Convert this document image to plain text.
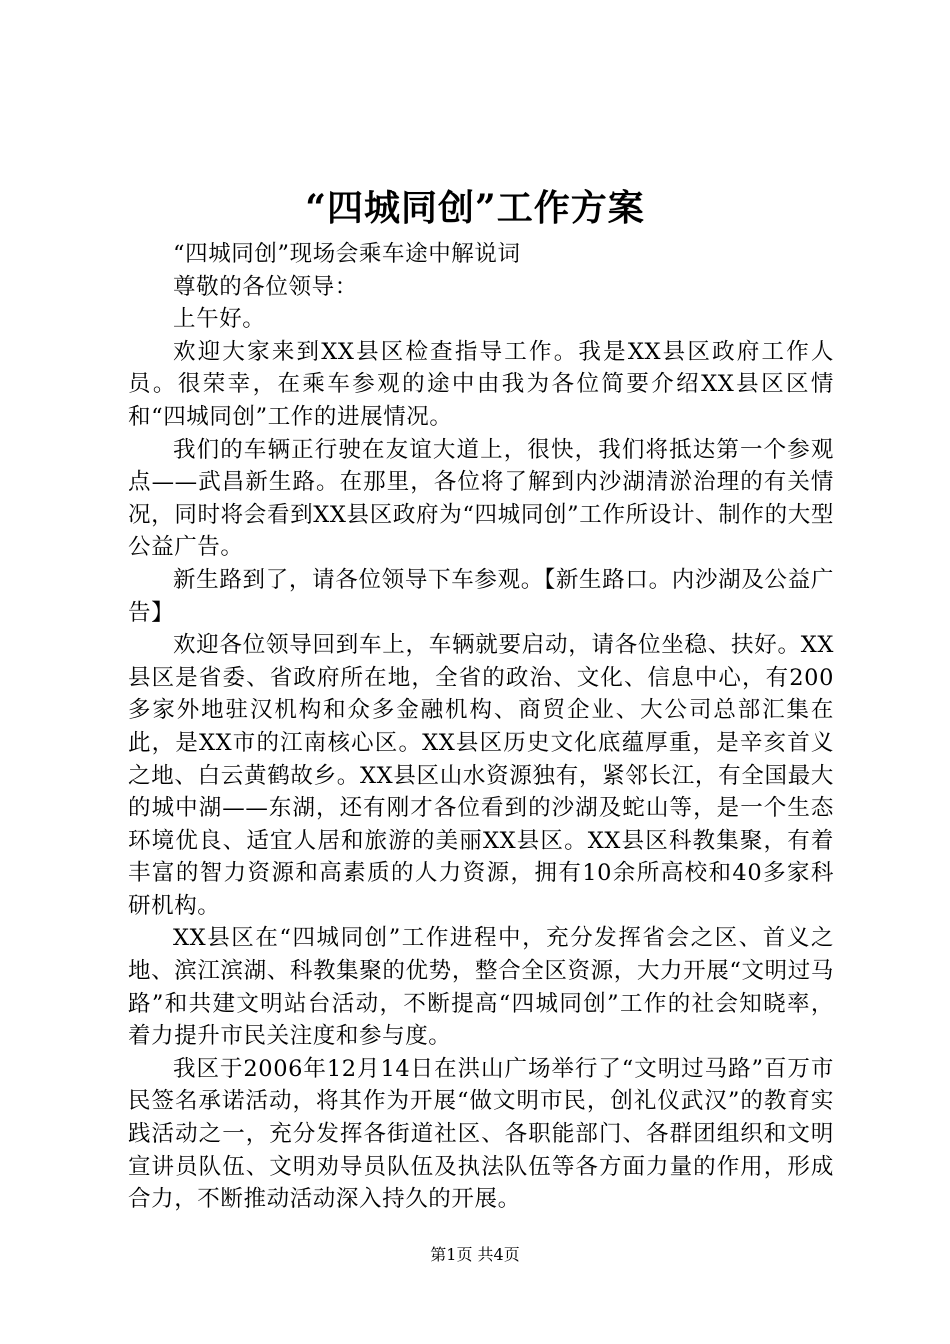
“四城同创”工作方案

“四城同创”现场会乘车途中解说词

尊敬的各位领导：

上午好。

欢迎大家来到XX县区检查指导工作。我是XX县区政府工作人员。很荣幸，在乘车参观的途中由我为各位简要介绍XX县区区情和“四城同创”工作的进展情况。

我们的车辆正行驶在友谊大道上，很快，我们将抵达第一个参观点——武昌新生路。在那里，各位将了解到内沙湖清淤治理的有关情况，同时将会看到XX县区政府为“四城同创”工作所设计、制作的大型公益广告。

新生路到了，请各位领导下车参观。【新生路口。内沙湖及公益广告】

欢迎各位领导回到车上，车辆就要启动，请各位坐稳、扶好。XX县区是省委、省政府所在地，全省的政治、文化、信息中心，有200多家外地驻汉机构和众多金融机构、商贸企业、大公司总部汇集在此，是XX市的江南核心区。XX县区历史文化底蕴厚重，是辛亥首义之地、白云黄鹤故乡。XX县区山水资源独有，紧邻长江，有全国最大的城中湖——东湖，还有刚才各位看到的沙湖及蛇山等，是一个生态环境优良、适宜人居和旅游的美丽XX县区。XX县区科教集聚，有着丰富的智力资源和高素质的人力资源，拥有10余所高校和40多家科研机构。

XX县区在“四城同创”工作进程中，充分发挥省会之区、首义之地、滨江滨湖、科教集聚的优势，整合全区资源，大力开展“文明过马路”和共建文明站台活动，不断提高“四城同创”工作的社会知晓率，着力提升市民关注度和参与度。

我区于2006年12月14日在洪山广场举行了“文明过马路”百万市民签名承诺活动，将其作为开展“做文明市民，创礼仪武汉”的教育实践活动之一，充分发挥各街道社区、各职能部门、各群团组织和文明宣讲员队伍、文明劝导员队伍及执法队伍等各方面力量的作用，形成合力，不断推动活动深入持久的开展。

第1页 共4页
